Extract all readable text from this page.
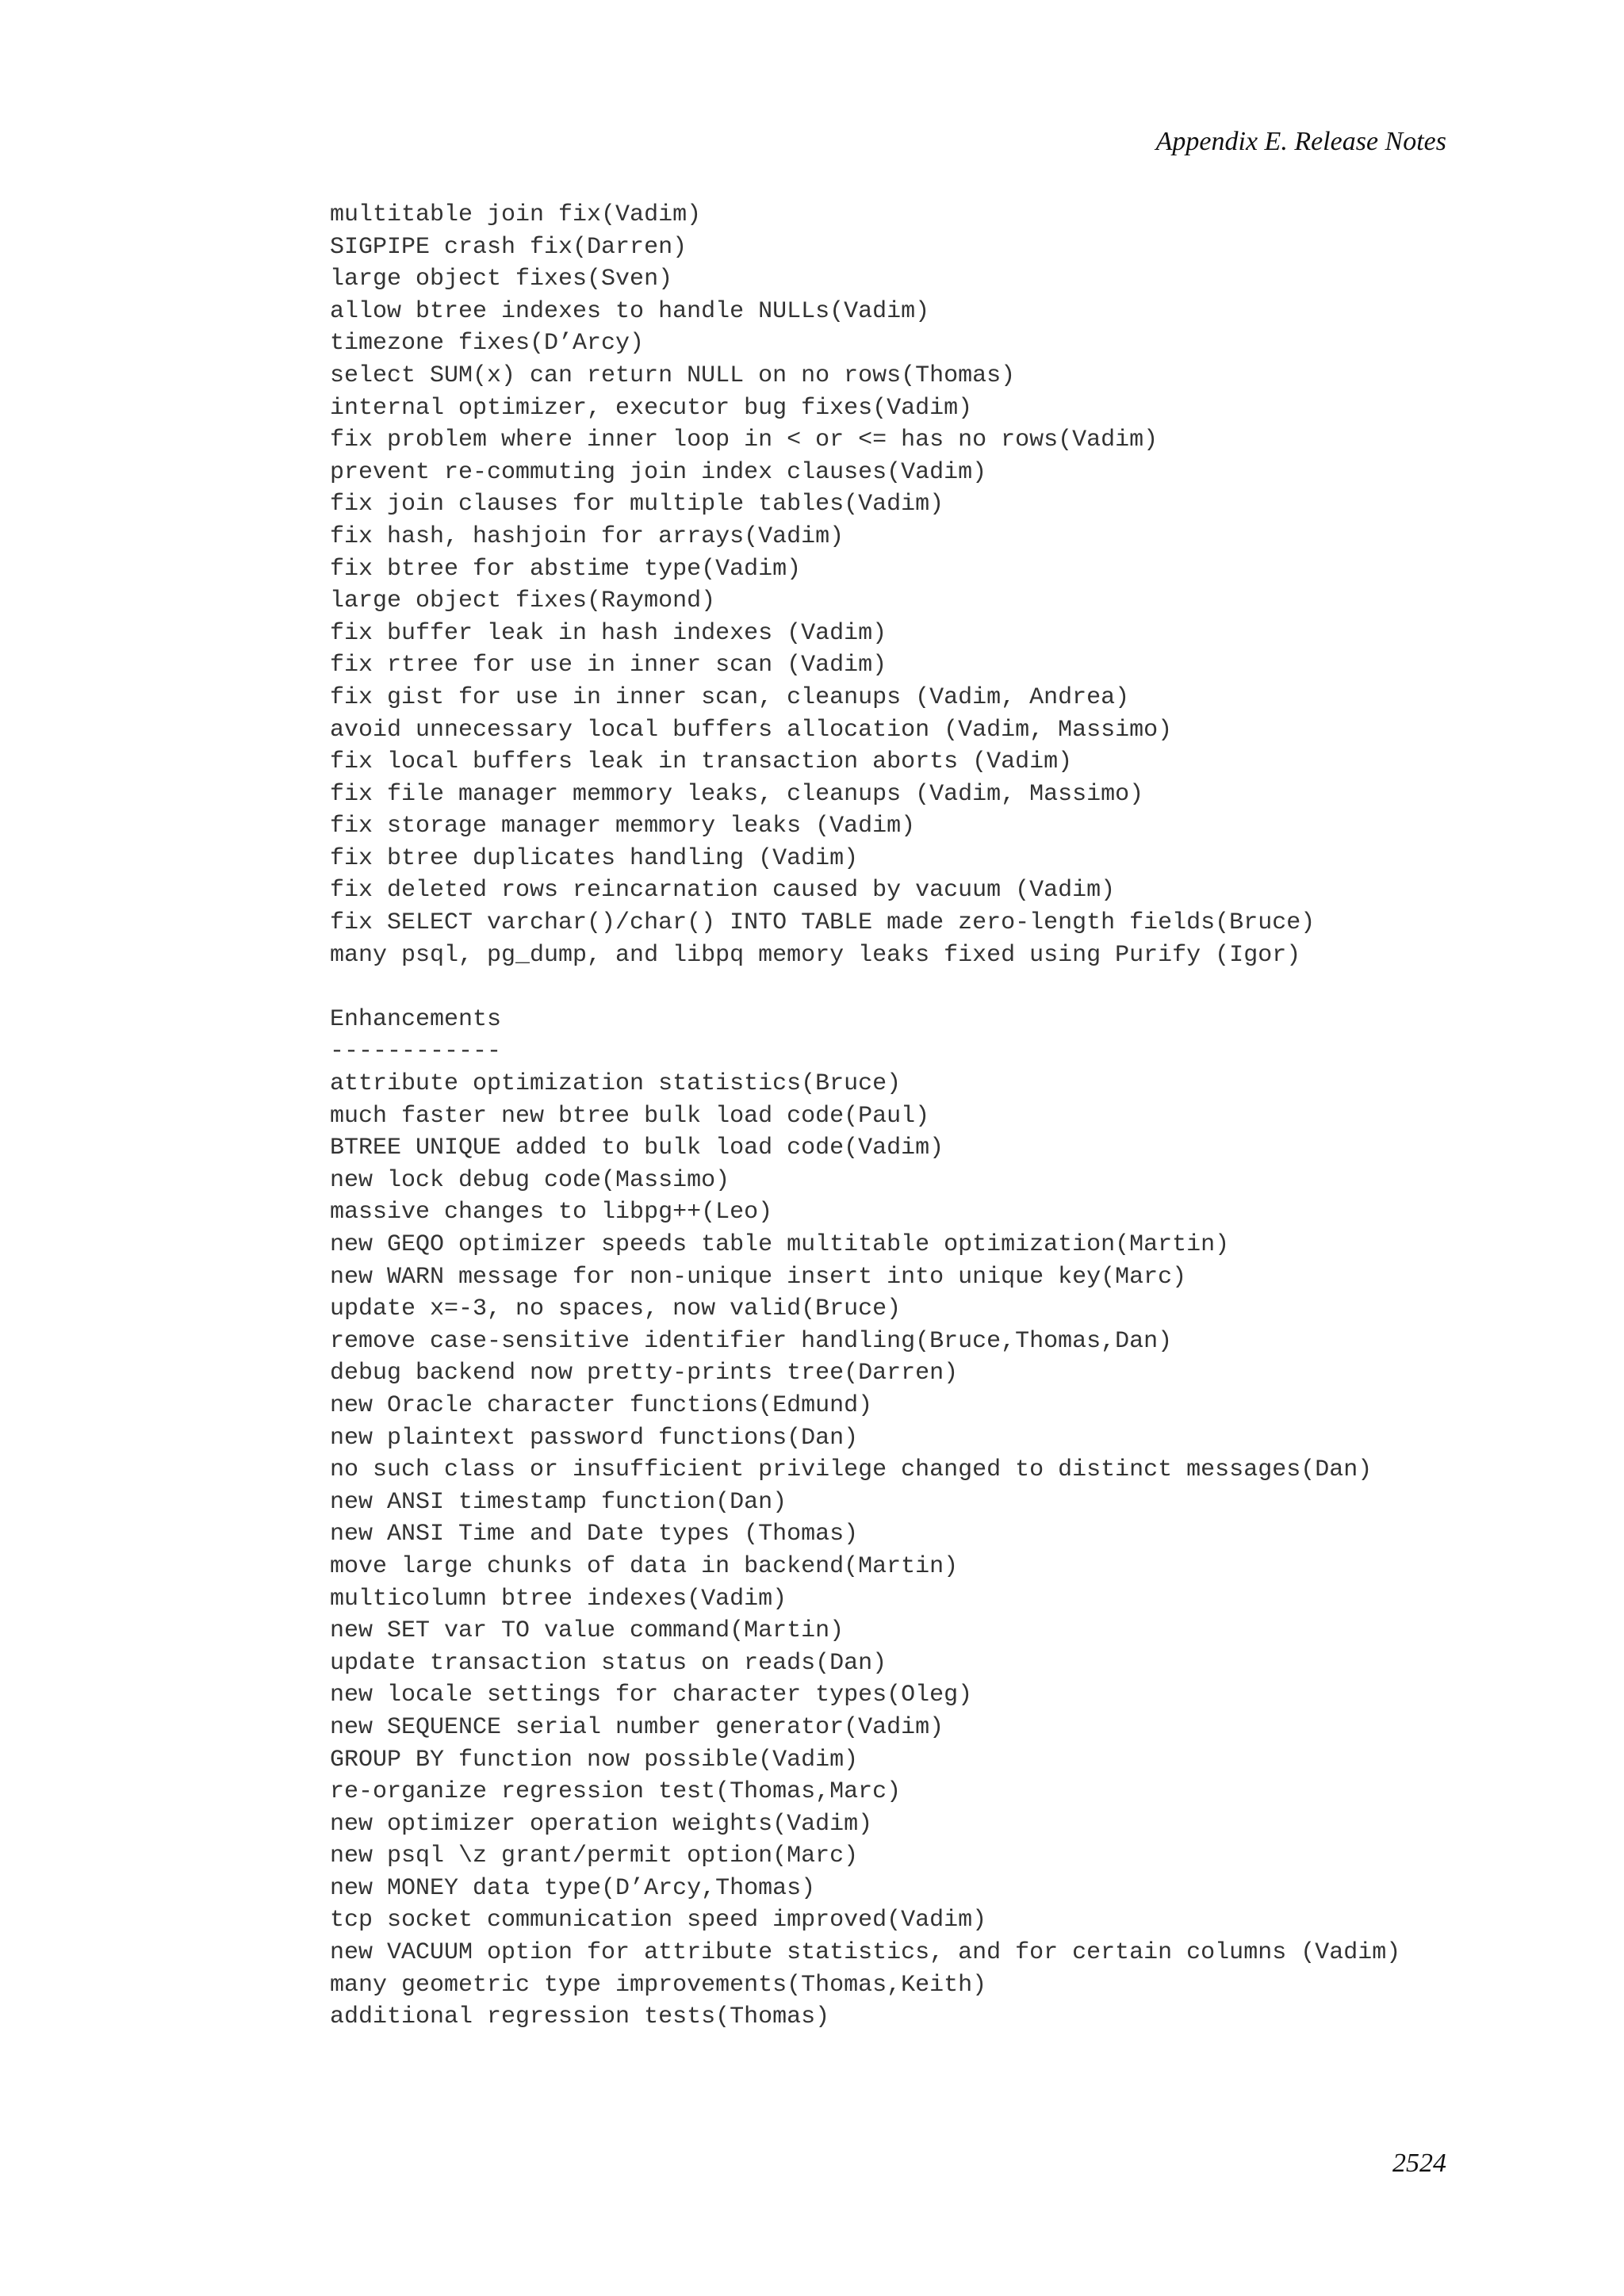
Appendix E. Release Notes
multitable join fix(Vadim)
SIGPIPE crash fix(Darren)
large object fixes(Sven)
allow btree indexes to handle NULLs(Vadim)
timezone fixes(D’Arcy)
select SUM(x) can return NULL on no rows(Thomas)
internal optimizer, executor bug fixes(Vadim)
fix problem where inner loop in < or <= has no rows(Vadim)
prevent re-commuting join index clauses(Vadim)
fix join clauses for multiple tables(Vadim)
fix hash, hashjoin for arrays(Vadim)
fix btree for abstime type(Vadim)
large object fixes(Raymond)
fix buffer leak in hash indexes (Vadim)
fix rtree for use in inner scan (Vadim)
fix gist for use in inner scan, cleanups (Vadim, Andrea)
avoid unnecessary local buffers allocation (Vadim, Massimo)
fix local buffers leak in transaction aborts (Vadim)
fix file manager memmory leaks, cleanups (Vadim, Massimo)
fix storage manager memmory leaks (Vadim)
fix btree duplicates handling (Vadim)
fix deleted rows reincarnation caused by vacuum (Vadim)
fix SELECT varchar()/char() INTO TABLE made zero-length fields(Bruce)
many psql, pg_dump, and libpq memory leaks fixed using Purify (Igor)
Enhancements
------------
attribute optimization statistics(Bruce)
much faster new btree bulk load code(Paul)
BTREE UNIQUE added to bulk load code(Vadim)
new lock debug code(Massimo)
massive changes to libpg++(Leo)
new GEQO optimizer speeds table multitable optimization(Martin)
new WARN message for non-unique insert into unique key(Marc)
update x=-3, no spaces, now valid(Bruce)
remove case-sensitive identifier handling(Bruce,Thomas,Dan)
debug backend now pretty-prints tree(Darren)
new Oracle character functions(Edmund)
new plaintext password functions(Dan)
no such class or insufficient privilege changed to distinct messages(Dan)
new ANSI timestamp function(Dan)
new ANSI Time and Date types (Thomas)
move large chunks of data in backend(Martin)
multicolumn btree indexes(Vadim)
new SET var TO value command(Martin)
update transaction status on reads(Dan)
new locale settings for character types(Oleg)
new SEQUENCE serial number generator(Vadim)
GROUP BY function now possible(Vadim)
re-organize regression test(Thomas,Marc)
new optimizer operation weights(Vadim)
new psql \z grant/permit option(Marc)
new MONEY data type(D’Arcy,Thomas)
tcp socket communication speed improved(Vadim)
new VACUUM option for attribute statistics, and for certain columns (Vadim)
many geometric type improvements(Thomas,Keith)
additional regression tests(Thomas)
2524
